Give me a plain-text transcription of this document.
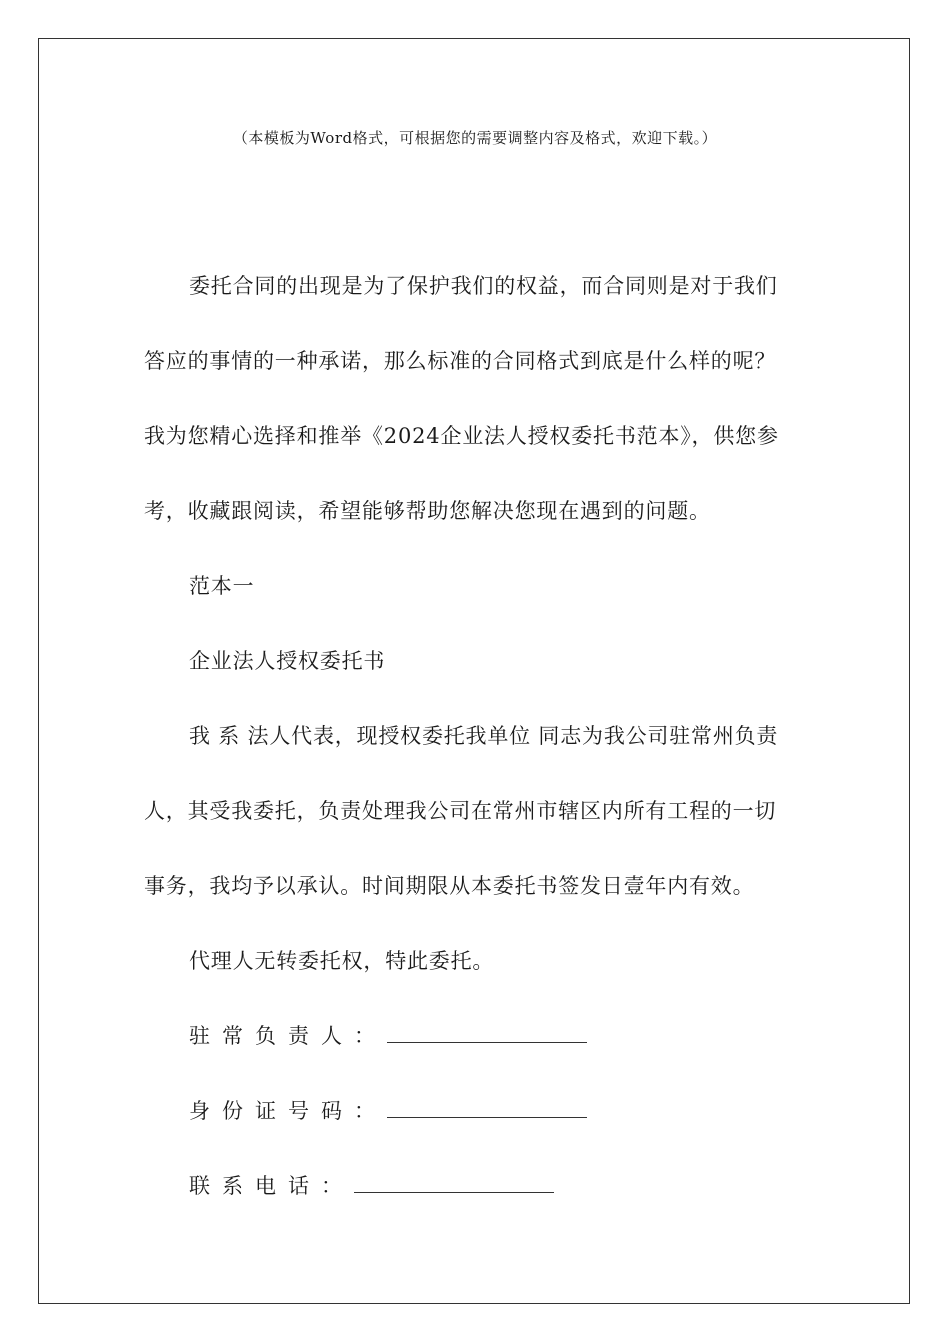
（本模板为Word格式，可根据您的需要调整内容及格式，欢迎下载。）
委托合同的出现是为了保护我们的权益，而合同则是对于我们
答应的事情的一种承诺，那么标准的合同格式到底是什么样的呢？
我为您精心选择和推举《2024企业法人授权委托书范本》，供您参
考，收藏跟阅读，希望能够帮助您解决您现在遇到的问题。
范本一
企业法人授权委托书
我 系 法人代表，现授权委托我单位 同志为我公司驻常州负责
人，其受我委托，负责处理我公司在常州市辖区内所有工程的一切
事务，我均予以承认。时间期限从本委托书签发日壹年内有效。
代理人无转委托权，特此委托。
驻常负责人：
身份证号码：
联系电话：
